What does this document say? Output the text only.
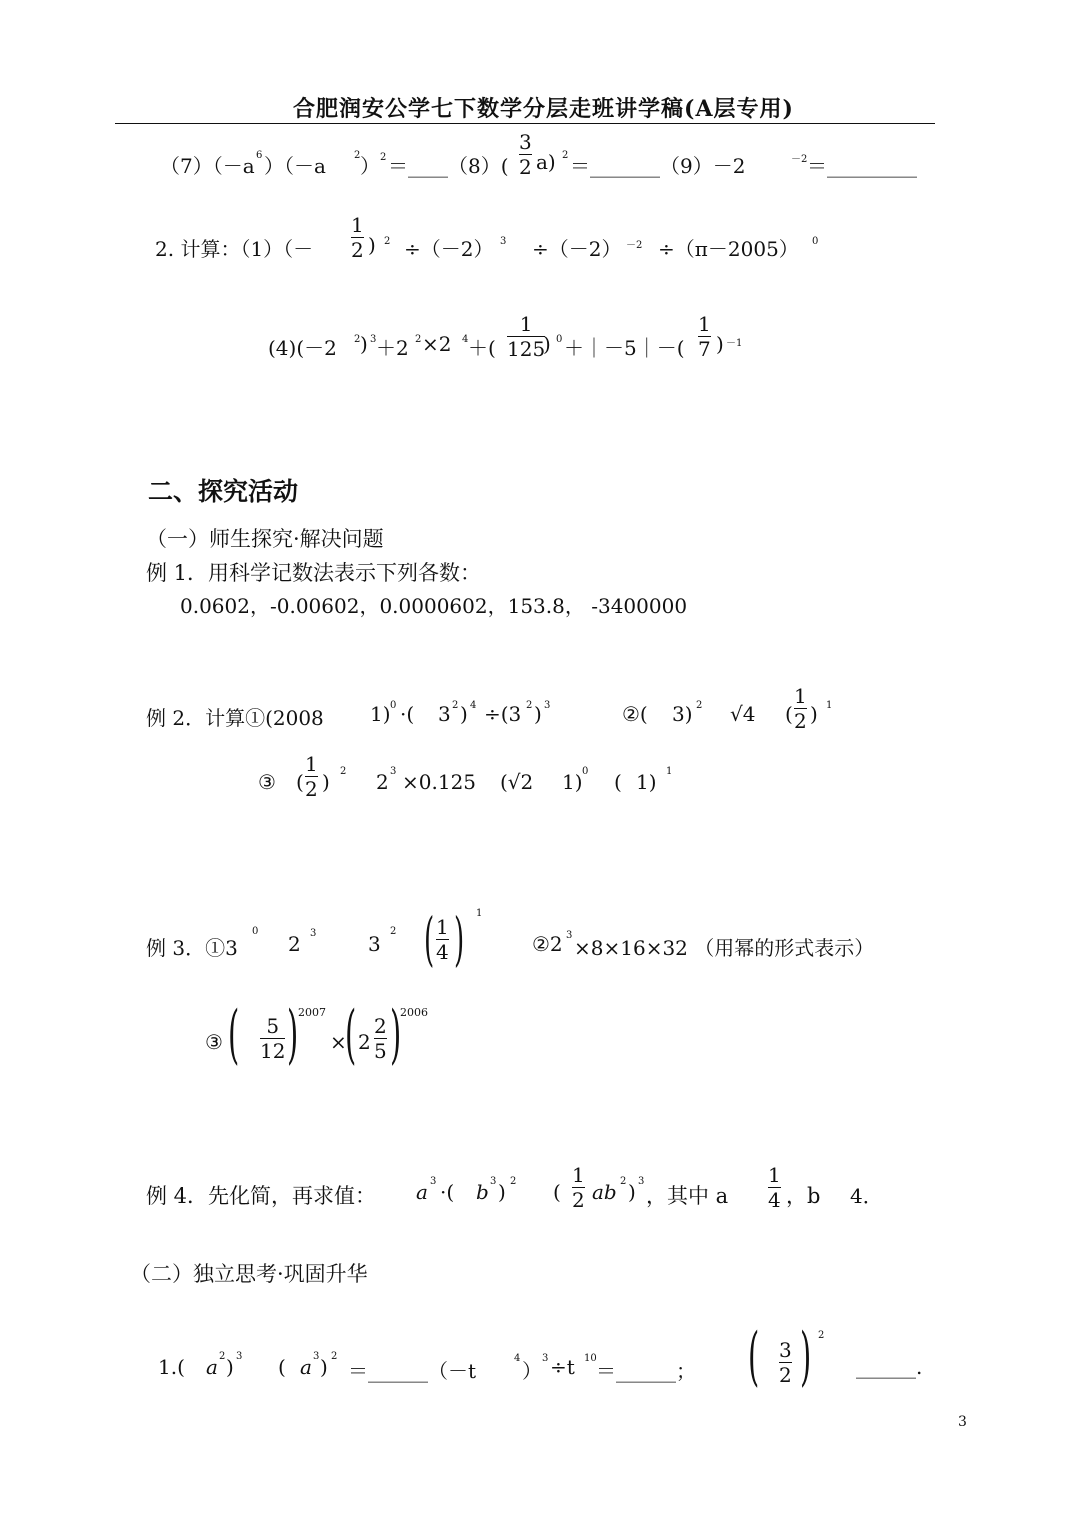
合肥润安公学七下数学分层走班讲学稿(A层专用)
（7）（－a 6 ）（－a	2 ） 2 ＝____（8）(
3
2 a) 2 ＝_______（9）－2	－2 ＝_________
2. 计算：（1）（－
1
2 ) 2 ÷（－2） 3 ÷（－2） －2 ÷（π－2005） 0
(4)(－2 2 ) 3 ＋2 2 ×2 4 ＋(
1
125
) 0 ＋｜－5｜－(
1
7 ) －1
二、探究活动
（一）师生探究·解决问题
例 1．用科学记数法表示下列各数：
0.0602，-0.00602，0.0000602，153.8， -3400000
例 2．计算①(2008 1) 0 ·( 3 2 ) 4 ÷(3 2 ) 3	②( 3) 2 √4 (
1
2 ) 1
③ (
1
2 ) 2 2 3 ×0.125 (√2 1) 0 ( 1) 1
例 3．①3
0
2 3	3
2 ( 1
4 ) 1
②2 3
×8×16×32 （用幂的形式表示）
③ ( 5
12 ) 2007
×
( 2
2
5 )
2006
例 4．先化简，再求值： a 3 ·( b 3 ) 2 (
1
2 ab 2 ) 3
，其中 a
1
4 ，b 4．
（二）独立思考·巩固升华
1.( a 2 ) 3 ( a 3 ) 2
＝______（－t
4
）
3 ÷t 10
＝______； ( 3
2 ) 2
______.
3
